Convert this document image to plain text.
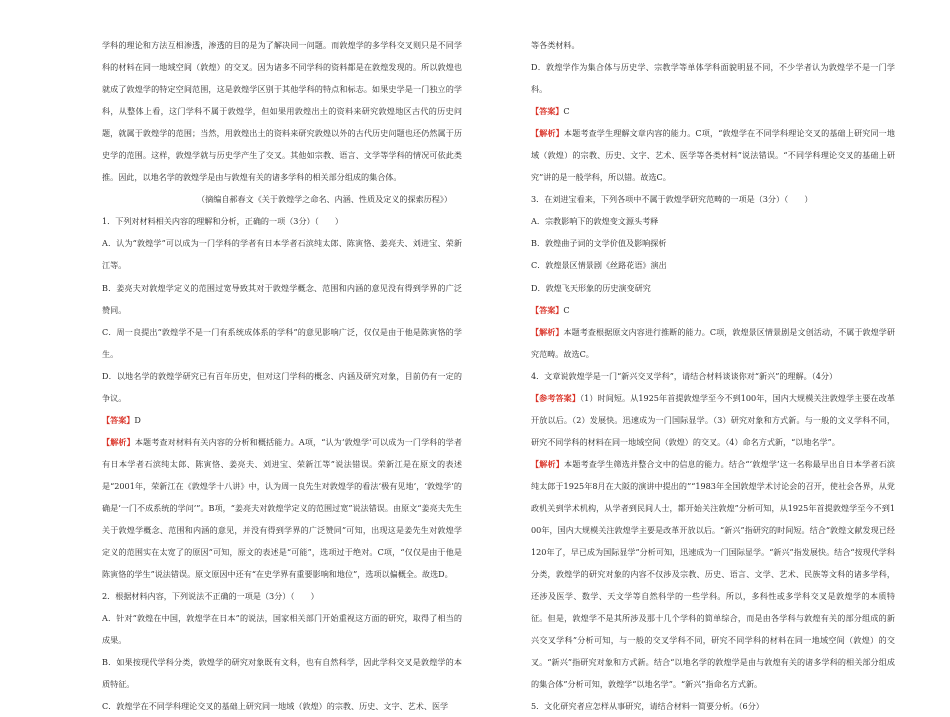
学科的理论和方法互相渗透，渗透的目的是为了解决同一问题。而敦煌学的多学科交叉则只是不同学科的材料在同一地域空间（敦煌）的交叉。因为诸多不同学科的资料都是在敦煌发现的。所以敦煌也就成了敦煌学的特定空间范围，这是敦煌学区别于其他学科的特点和标志。如果史学是一门独立的学科，从整体上看，这门学科不属于敦煌学，但如果用敦煌出土的资料来研究敦煌地区古代的历史问题，就属于敦煌学的范围；当然，用敦煌出土的资料来研究敦煌以外的古代历史问题也还仍然属于历史学的范围。这样，敦煌学就与历史学产生了交叉。其他如宗教、语言、文学等学科的情况可依此类推。因此，以地名学的敦煌学是由与敦煌有关的诸多学科的相关部分组成的集合体。

（摘编自郝春文《关于敦煌学之命名、内涵、性质及定义的探索历程》）

1．下列对材料相关内容的理解和分析，正确的一项（3分）（　　）

A．认为“敦煌学”可以成为一门学科的学者有日本学者石滨纯太郎、陈寅恪、姜亮夫、刘进宝、荣新江等。

B．姜亮夫对敦煌学定义的范围过宽导致其对于敦煌学概念、范围和内涵的意见没有得到学界的广泛赞同。

C．周一良提出“敦煌学不是一门有系统成体系的学科”的意见影响广泛，仅仅是由于他是陈寅恪的学生。

D．以地名学的敦煌学研究已有百年历史，但对这门学科的概念、内涵及研究对象，目前仍有一定的争议。

【答案】D

【解析】本题考查对材料有关内容的分析和概括能力。A项，“认为‘敦煌学’可以成为一门学科的学者有日本学者石滨纯太郎、陈寅恪、姜亮夫、刘进宝、荣新江等”说法错误。荣新江是在原文的表述是“2001年，荣新江在《敦煌学十八讲》中，认为周一良先生对敦煌学的看法‘极有见地’，‘敦煌学’的确是‘一门不成系统的学问’”。B项，“姜亮夫对敦煌学定义的范围过宽”说法错误。由原文“姜亮夫先生关于敦煌学概念、范围和内涵的意见，并没有得到学界的广泛赞同”可知，出现这是姜先生对敦煌学定义的范围实在太宽了的原因”可知，原文的表述是“可能”，选项过于绝对。C项，“仅仅是由于他是陈寅恪的学生”说法错误。原文原因中还有“在史学界有重要影响和地位”，选项以偏概全。故选D。

2．根据材料内容，下列说法不正确的一项是（3分）（　　）

A．针对“敦煌在中国，敦煌学在日本”的说法，国家相关部门开始重视这方面的研究，取得了相当的成果。

B．如果按现代学科分类，敦煌学的研究对象既有文科，也有自然科学，因此学科交叉是敦煌学的本质特征。

C．敦煌学在不同学科理论交叉的基础上研究同一地域（敦煌）的宗教、历史、文字、艺术、医学

等各类材料。

D．敦煌学作为集合体与历史学、宗教学等单体学科面貌明显不同，不少学者认为敦煌学不是一门学科。

【答案】C

【解析】本题考查学生理解文章内容的能力。C项，“敦煌学在不同学科理论交叉的基础上研究同一地域（敦煌）的宗教、历史、文字、艺术、医学等各类材料”说法错误。“不同学科理论交叉的基础上研究”讲的是一般学科，所以错。故选C。

3．在刘进宝看来，下列各项中不属于敦煌学研究范畴的一项是（3分）（　　）

A．宗教影响下的敦煌变文源头考释

B．敦煌曲子词的文学价值及影响探析

C．敦煌景区情景剧《丝路花语》演出

D．敦煌飞天形象的历史演变研究

【答案】C

【解析】本题考查根据原文内容进行推断的能力。C项，敦煌景区情景剧是文创活动，不属于敦煌学研究范畴。故选C。

4．文章说敦煌学是一门“新兴交叉学科”，请结合材料谈谈你对“新兴”的理解。（4分）

【参考答案】（1）时间短。从1925年首提敦煌学至今不到100年，国内大规模关注敦煌学主要在改革开放以后。（2）发展快。迅速成为一门国际显学。（3）研究对象和方式新。与一般的文义学科不同，研究不同学科的材料在同一地域空间（敦煌）的交叉。（4）命名方式新，“以地名学”。

【解析】本题考查学生筛选并整合文中的信息的能力。结合“‘敦煌学’这一名称最早出自日本学者石滨纯太郎于1925年8月在大阪的演讲中提出的”“1983年全国敦煌学术讨论会的召开，使社会各界，从党政机关到学术机构，从学者到民间人士，都开始关注敦煌”分析可知，从1925年首提敦煌学至今不到100年，国内大规模关注敦煌学主要是改革开放以后。“新兴”指研究的时间短。结合“敦煌文献发现已经120年了，早已成为国际显学”分析可知，迅速成为一门国际显学。“新兴”指发展快。结合“按现代学科分类，敦煌学的研究对象的内容不仅涉及宗教、历史、语言、文学、艺术、民族等文科的诸多学科，还涉及医学、数学、天文学等自然科学的一些学科。所以，多科性或多学科交叉是敦煌学的本质特征。但是，敦煌学不是其所涉及那十几个学科的简单综合，而是由各学科与敦煌有关的部分组成的新兴交叉学科”分析可知，与一般的交叉学科不同，研究不同学科的材料在同一地域空间（敦煌）的交叉。“新兴”指研究对象和方式新。结合“以地名学的敦煌学是由与敦煌有关的诸多学科的相关部分组成的集合体”分析可知，敦煌学“以地名学”。“新兴”指命名方式新。

5．文化研究者应怎样从事研究，请结合材料一简要分析。（6分）
